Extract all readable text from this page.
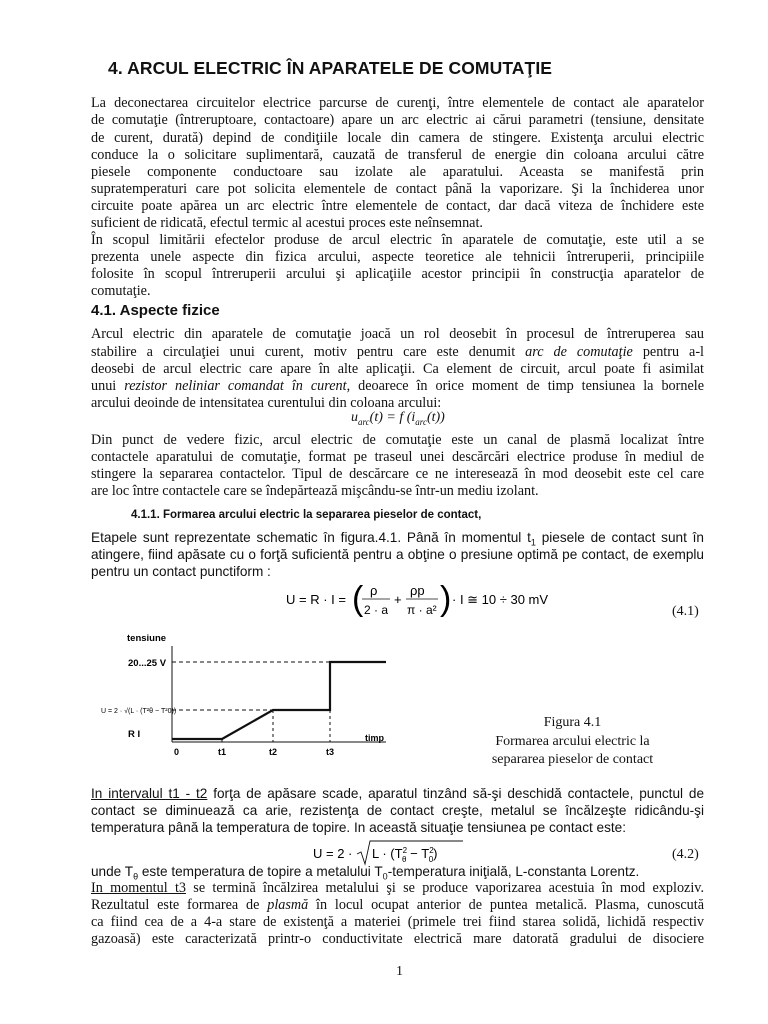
4. ARCUL ELECTRIC ÎN APARATELE DE COMUTAŢIE
La deconectarea circuitelor electrice parcurse de curenţi, între elementele de contact ale aparatelor
de comutaţie (întreruptoare, contactoare) apare un arc electric ai cărui parametri (tensiune, densitate
de curent, durată) depind de condiţiile locale din camera de stingere. Existenţa arcului electric
conduce la o solicitare suplimentară, cauzată de transferul de energie din coloana arcului către
piesele componente conductoare sau izolate ale aparatului. Aceasta se manifestă prin
supratemperaturi care pot solicita elementele de contact până la vaporizare. Şi la închiderea unor
circuite poate apărea un arc electric între elementele de contact, dar dacă viteza de închidere este
suficient de ridicată, efectul termic al acestui proces este neînsemnat.
În scopul limitării efectelor produse de arcul electric în aparatele de comutaţie, este util a se
prezenta unele aspecte din fizica arcului, aspecte teoretice ale tehnicii întreruperii, principiile
folosite în scopul întreruperii arcului şi aplicaţiile acestor principii în construcţia aparatelor de
comutaţie.
4.1. Aspecte fizice
Arcul electric din aparatele de comutaţie joacă un rol deosebit în procesul de întreruperea sau
stabilire a circulaţiei unui curent, motiv pentru care este denumit arc de comutaţie pentru a-l
deosebi de arcul electric care apare în alte aplicaţii. Ca element de circuit, arcul poate fi asimilat
unui rezistor neliniar comandat în curent, deoarece în orice moment de timp tensiunea la bornele
arcului deoinde de intensitatea curentului din coloana arcului:
$u_{arc}(t) = f$ $(i_{arc}(t))$
Din punct de vedere fizic, arcul electric de comutaţie este un canal de plasmă localizat între
contactele aparatului de comutaţie, format pe traseul unei descărcări electrice produse în mediul de
stingere la separarea contactelor. Tipul de descărcare ce ne interesează în mod deosebit este cel care
are loc între contactele care se îndepărtează mişcându-se într-un mediu izolant.
4.1.1. Formarea arcului electric la separarea pieselor de contact,
Etapele sunt reprezentate schematic în figura.4.1. Până în momentul $t_1$ piesele de contact sunt în
atingere, fiind apăsate cu o forţă suficientă pentru a obţine o presiune optimă pe contact, de exemplu
pentru un contact punctiform :
U = R · I = ( ρ
2 · a
+
ρp
π · a² ) · I ≅ 10 ÷ 30 mV
(4.1)
tensiune
timp
20...25 V
U = 2 · √(L · (T²θ − T²0))
R I
0	t1	t2	t3
Figura 4.1
Formarea arcului electric la
separarea pieselor de contact
In intervalul t1 - t2 forţa de apăsare scade, aparatul tinzând să-şi deschidă contactele, punctul de
contact se diminuează ca arie, rezistenţa de contact creşte, metalul se încălzeşte ridicându-şi
temperatura până la temperatura de topire. In această situaţie tensiunea pe contact este:
$U = 2 \cdot L \cdot (T^2$ $\theta - T^2$ 0)	(4.2)
unde $T_\theta$ este temperatura de topire a metalului $T_0$-temperatura iniţială, L-constanta Lorentz.
In momentul t3 se termină încălzirea metalului şi se produce vaporizarea acestuia în mod exploziv.
Rezultatul este formarea de plasmă în locul ocupat anterior de puntea metalică. Plasma, cunoscută
ca fiind cea de a 4-a stare de existenţă a materiei (primele trei fiind starea solidă, lichidă respectiv
gazoasă) este caracterizată printr-o conductivitate electrică mare datorată gradului de disociere
1
